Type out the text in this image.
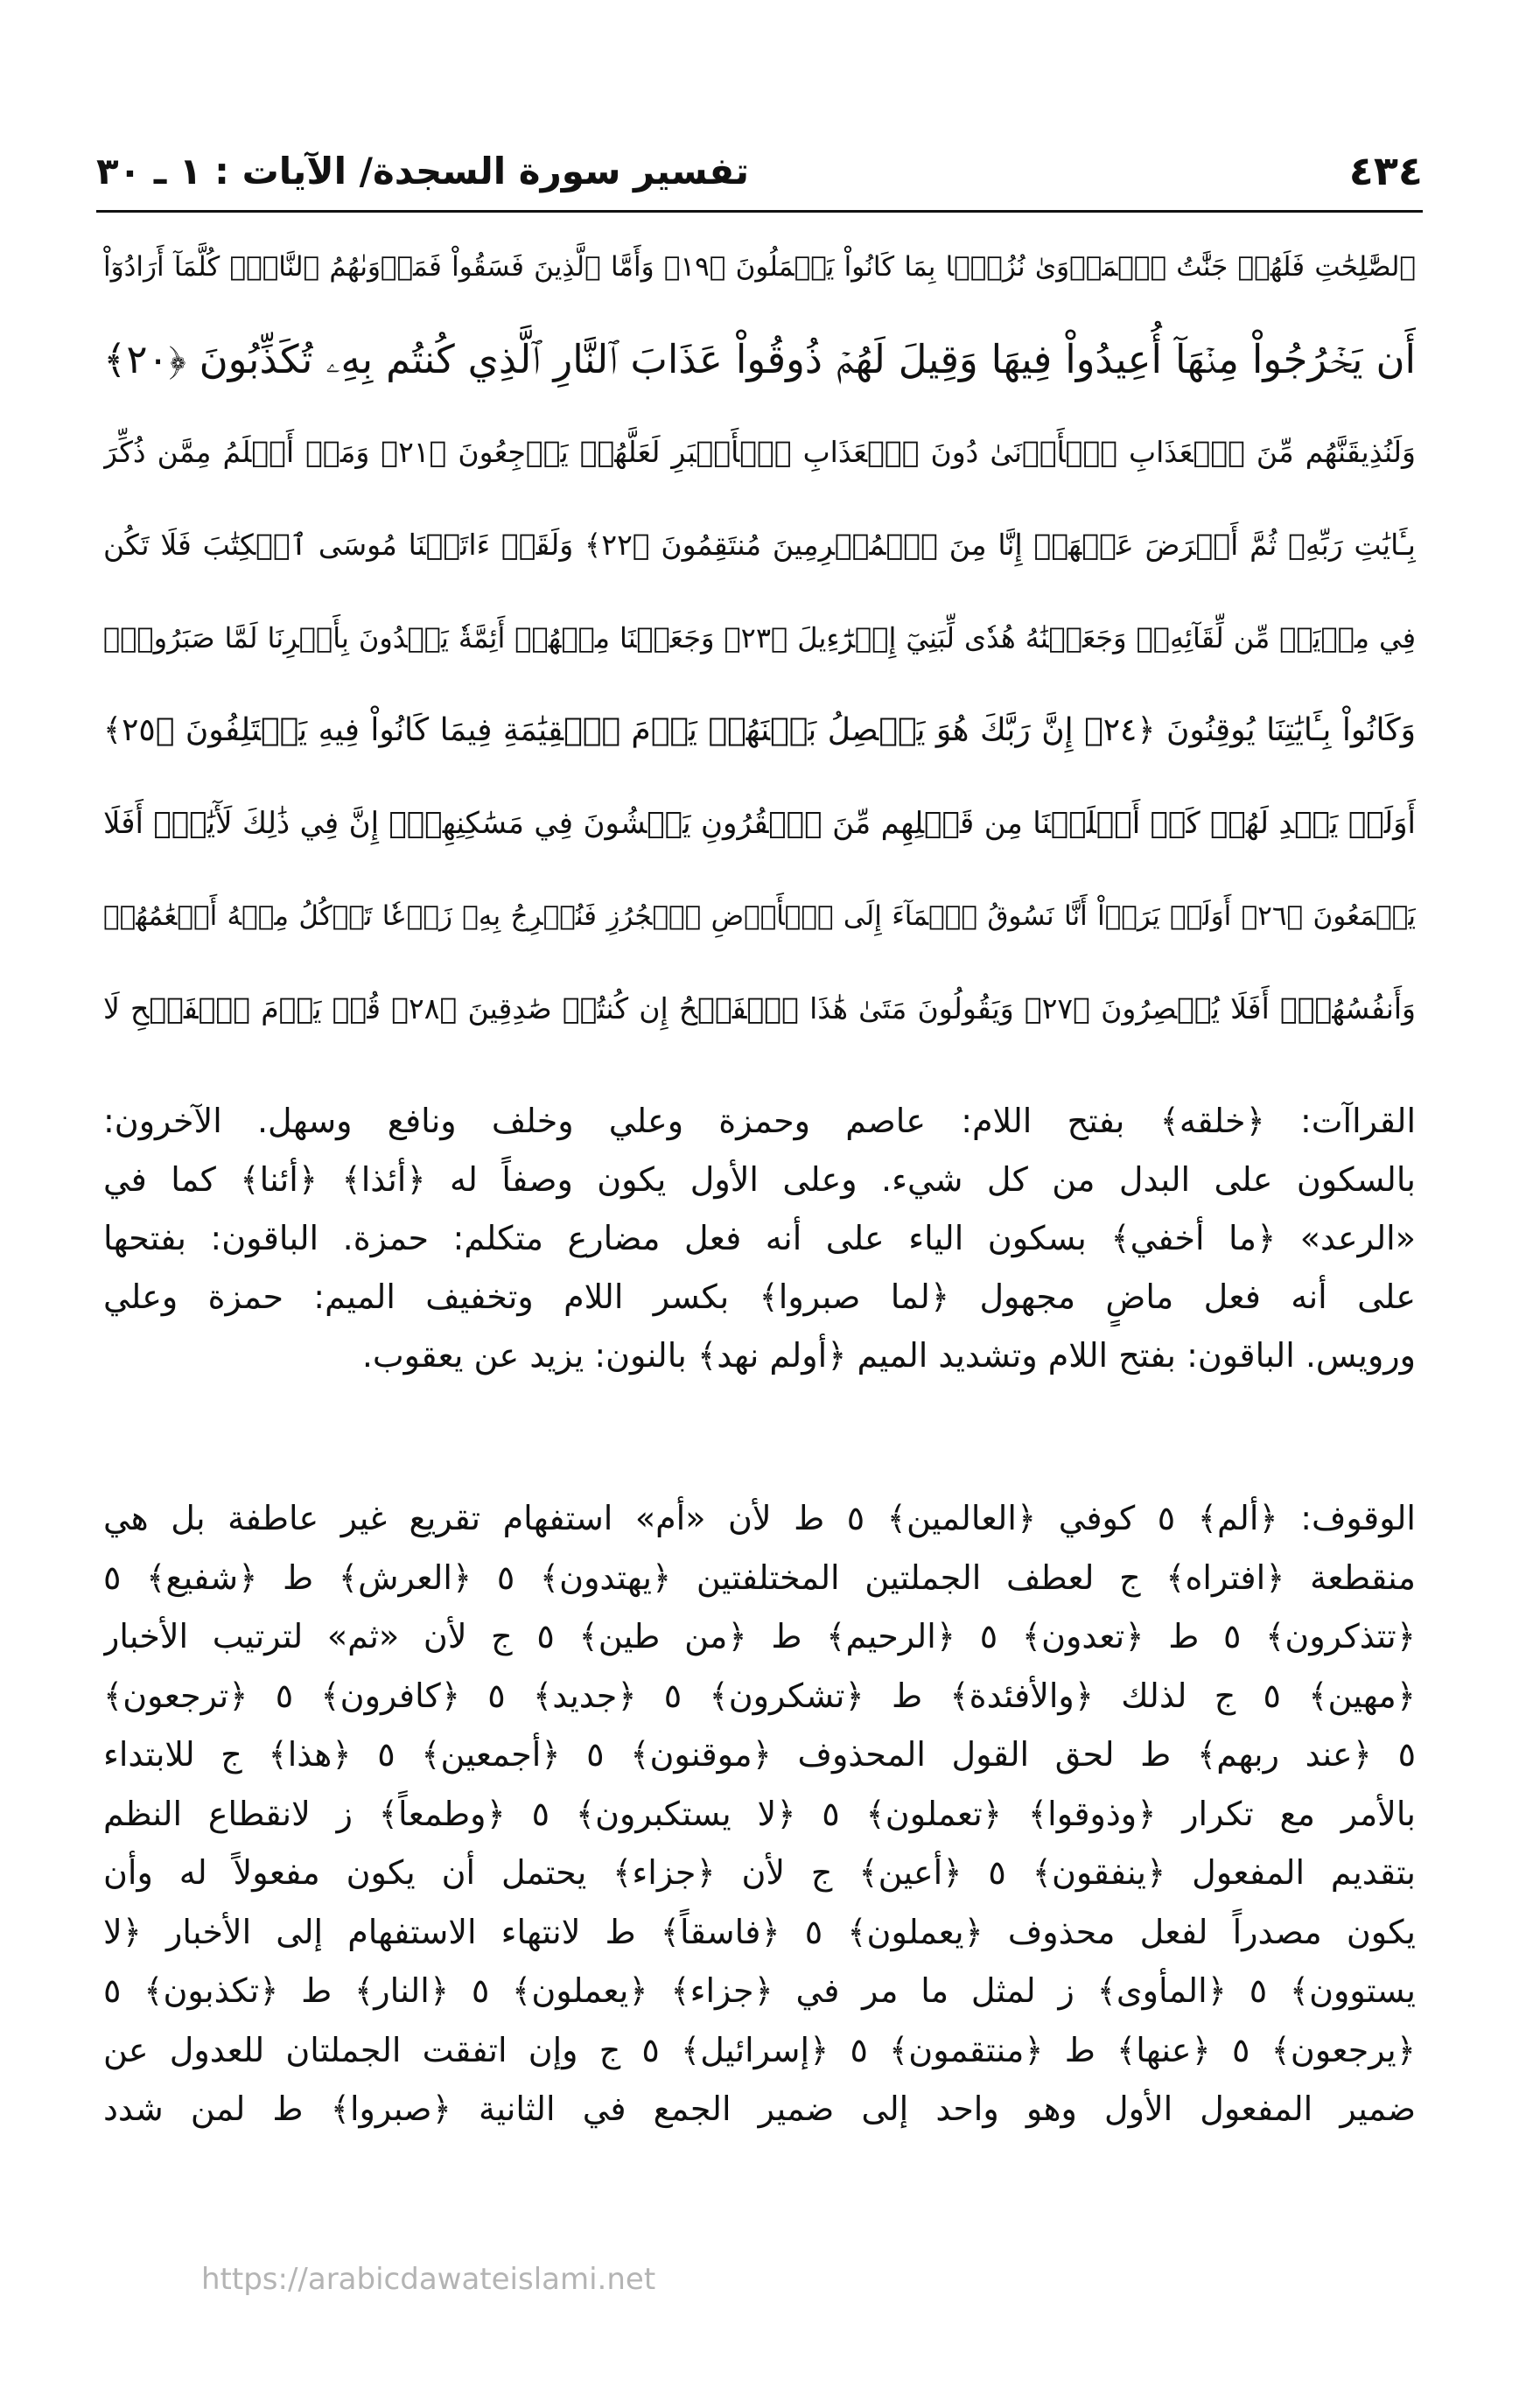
٤٣٤
تفسير سورة السجدة/ الآيات : ١ ـ ٣٠
ٱلصَّٰلِحَٰتِ فَلَهُمۡ جَنَّٰتُ ٱلۡمَأۡوَىٰ نُزُلَۢا بِمَا كَانُواْ يَعۡمَلُونَ ﴿١٩﴾ وَأَمَّا ٱلَّذِينَ فَسَقُواْ فَمَأۡوَىٰهُمُ ٱلنَّارُۖ كُلَّمَآ أَرَادُوٓاْ
أَن يَخۡرُجُواْ مِنۡهَآ أُعِيدُواْ فِيهَا وَقِيلَ لَهُمۡ ذُوقُواْ عَذَابَ ٱلنَّارِ ٱلَّذِي كُنتُم بِهِۦ تُكَذِّبُونَ ﴿٢٠﴾
وَلَنُذِيقَنَّهُم مِّنَ ٱلۡعَذَابِ ٱلۡأَدۡنَىٰ دُونَ ٱلۡعَذَابِ ٱلۡأَكۡبَرِ لَعَلَّهُمۡ يَرۡجِعُونَ ﴿٢١﴾ وَمَنۡ أَظۡلَمُ مِمَّن ذُكِّرَ
بِـَٔايَٰتِ رَبِّهِۦ ثُمَّ أَعۡرَضَ عَنۡهَآۚ إِنَّا مِنَ ٱلۡمُجۡرِمِينَ مُنتَقِمُونَ ﴿٢٢﴾ وَلَقَدۡ ءَاتَيۡنَا مُوسَى ٱلۡكِتَٰبَ فَلَا تَكُن
فِي مِرۡيَةٖ مِّن لِّقَآئِهِۦۖ وَجَعَلۡنَٰهُ هُدٗى لِّبَنِيٓ إِسۡرَٰٓءِيلَ ﴿٢٣﴾ وَجَعَلۡنَا مِنۡهُمۡ أَئِمَّةٗ يَهۡدُونَ بِأَمۡرِنَا لَمَّا صَبَرُواْۖ
وَكَانُواْ بِـَٔايَٰتِنَا يُوقِنُونَ ﴿٢٤﴾ إِنَّ رَبَّكَ هُوَ يَفۡصِلُ بَيۡنَهُمۡ يَوۡمَ ٱلۡقِيَٰمَةِ فِيمَا كَانُواْ فِيهِ يَخۡتَلِفُونَ ﴿٢٥﴾
أَوَلَمۡ يَهۡدِ لَهُمۡ كَمۡ أَهۡلَكۡنَا مِن قَبۡلِهِم مِّنَ ٱلۡقُرُونِ يَمۡشُونَ فِي مَسَٰكِنِهِمۡۚ إِنَّ فِي ذَٰلِكَ لَأٓيَٰتٍۚ أَفَلَا
يَسۡمَعُونَ ﴿٢٦﴾ أَوَلَمۡ يَرَوۡاْ أَنَّا نَسُوقُ ٱلۡمَآءَ إِلَى ٱلۡأَرۡضِ ٱلۡجُرُزِ فَنُخۡرِجُ بِهِۦ زَرۡعٗا تَأۡكُلُ مِنۡهُ أَنۡعَٰمُهُمۡ
وَأَنفُسُهُمۡۚ أَفَلَا يُبۡصِرُونَ ﴿٢٧﴾ وَيَقُولُونَ مَتَىٰ هَٰذَا ٱلۡفَتۡحُ إِن كُنتُمۡ صَٰدِقِينَ ﴿٢٨﴾ قُلۡ يَوۡمَ ٱلۡفَتۡحِ لَا
القراآت: ﴿خلقه﴾ بفتح اللام: عاصم وحمزة وعلي وخلف ونافع وسهل. الآخرون:
بالسكون على البدل من كل شيء. وعلى الأول يكون وصفاً له ﴿أئذا﴾ ﴿أئنا﴾ كما في
«الرعد» ﴿ما أخفي﴾ بسكون الياء على أنه فعل مضارع متكلم: حمزة. الباقون: بفتحها
على أنه فعل ماضٍ مجهول ﴿لما صبروا﴾ بكسر اللام وتخفيف الميم: حمزة وعلي
ورويس. الباقون: بفتح اللام وتشديد الميم ﴿أولم نهد﴾ بالنون: يزيد عن يعقوب.
الوقوف: ﴿ألم﴾ ٥ كوفي ﴿العالمين﴾ ٥ ط لأن «أم» استفهام تقريع غير عاطفة بل هي
منقطعة ﴿افتراه﴾ ج لعطف الجملتين المختلفتين ﴿يهتدون﴾ ٥ ﴿العرش﴾ ط ﴿شفيع﴾ ٥
﴿تتذكرون﴾ ٥ ط ﴿تعدون﴾ ٥ ﴿الرحيم﴾ ط ﴿من طين﴾ ٥ ج لأن «ثم» لترتيب الأخبار
﴿مهين﴾ ٥ ج لذلك ﴿والأفئدة﴾ ط ﴿تشكرون﴾ ٥ ﴿جديد﴾ ٥ ﴿كافرون﴾ ٥ ﴿ترجعون﴾
٥ ﴿عند ربهم﴾ ط لحق القول المحذوف ﴿موقنون﴾ ٥ ﴿أجمعين﴾ ٥ ﴿هذا﴾ ج للابتداء
بالأمر مع تكرار ﴿وذوقوا﴾ ﴿تعملون﴾ ٥ ﴿لا يستكبرون﴾ ٥ ﴿وطمعاً﴾ ز لانقطاع النظم
بتقديم المفعول ﴿ينفقون﴾ ٥ ﴿أعين﴾ ج لأن ﴿جزاء﴾ يحتمل أن يكون مفعولاً له وأن
يكون مصدراً لفعل محذوف ﴿يعملون﴾ ٥ ﴿فاسقاً﴾ ط لانتهاء الاستفهام إلى الأخبار ﴿لا
يستوون﴾ ٥ ﴿المأوى﴾ ز لمثل ما مر في ﴿جزاء﴾ ﴿يعملون﴾ ٥ ﴿النار﴾ ط ﴿تكذبون﴾ ٥
﴿يرجعون﴾ ٥ ﴿عنها﴾ ط ﴿منتقمون﴾ ٥ ﴿إسرائيل﴾ ٥ ج وإن اتفقت الجملتان للعدول عن
ضمير المفعول الأول وهو واحد إلى ضمير الجمع في الثانية ﴿صبروا﴾ ط لمن شدد
https://arabicdawateislami.net
